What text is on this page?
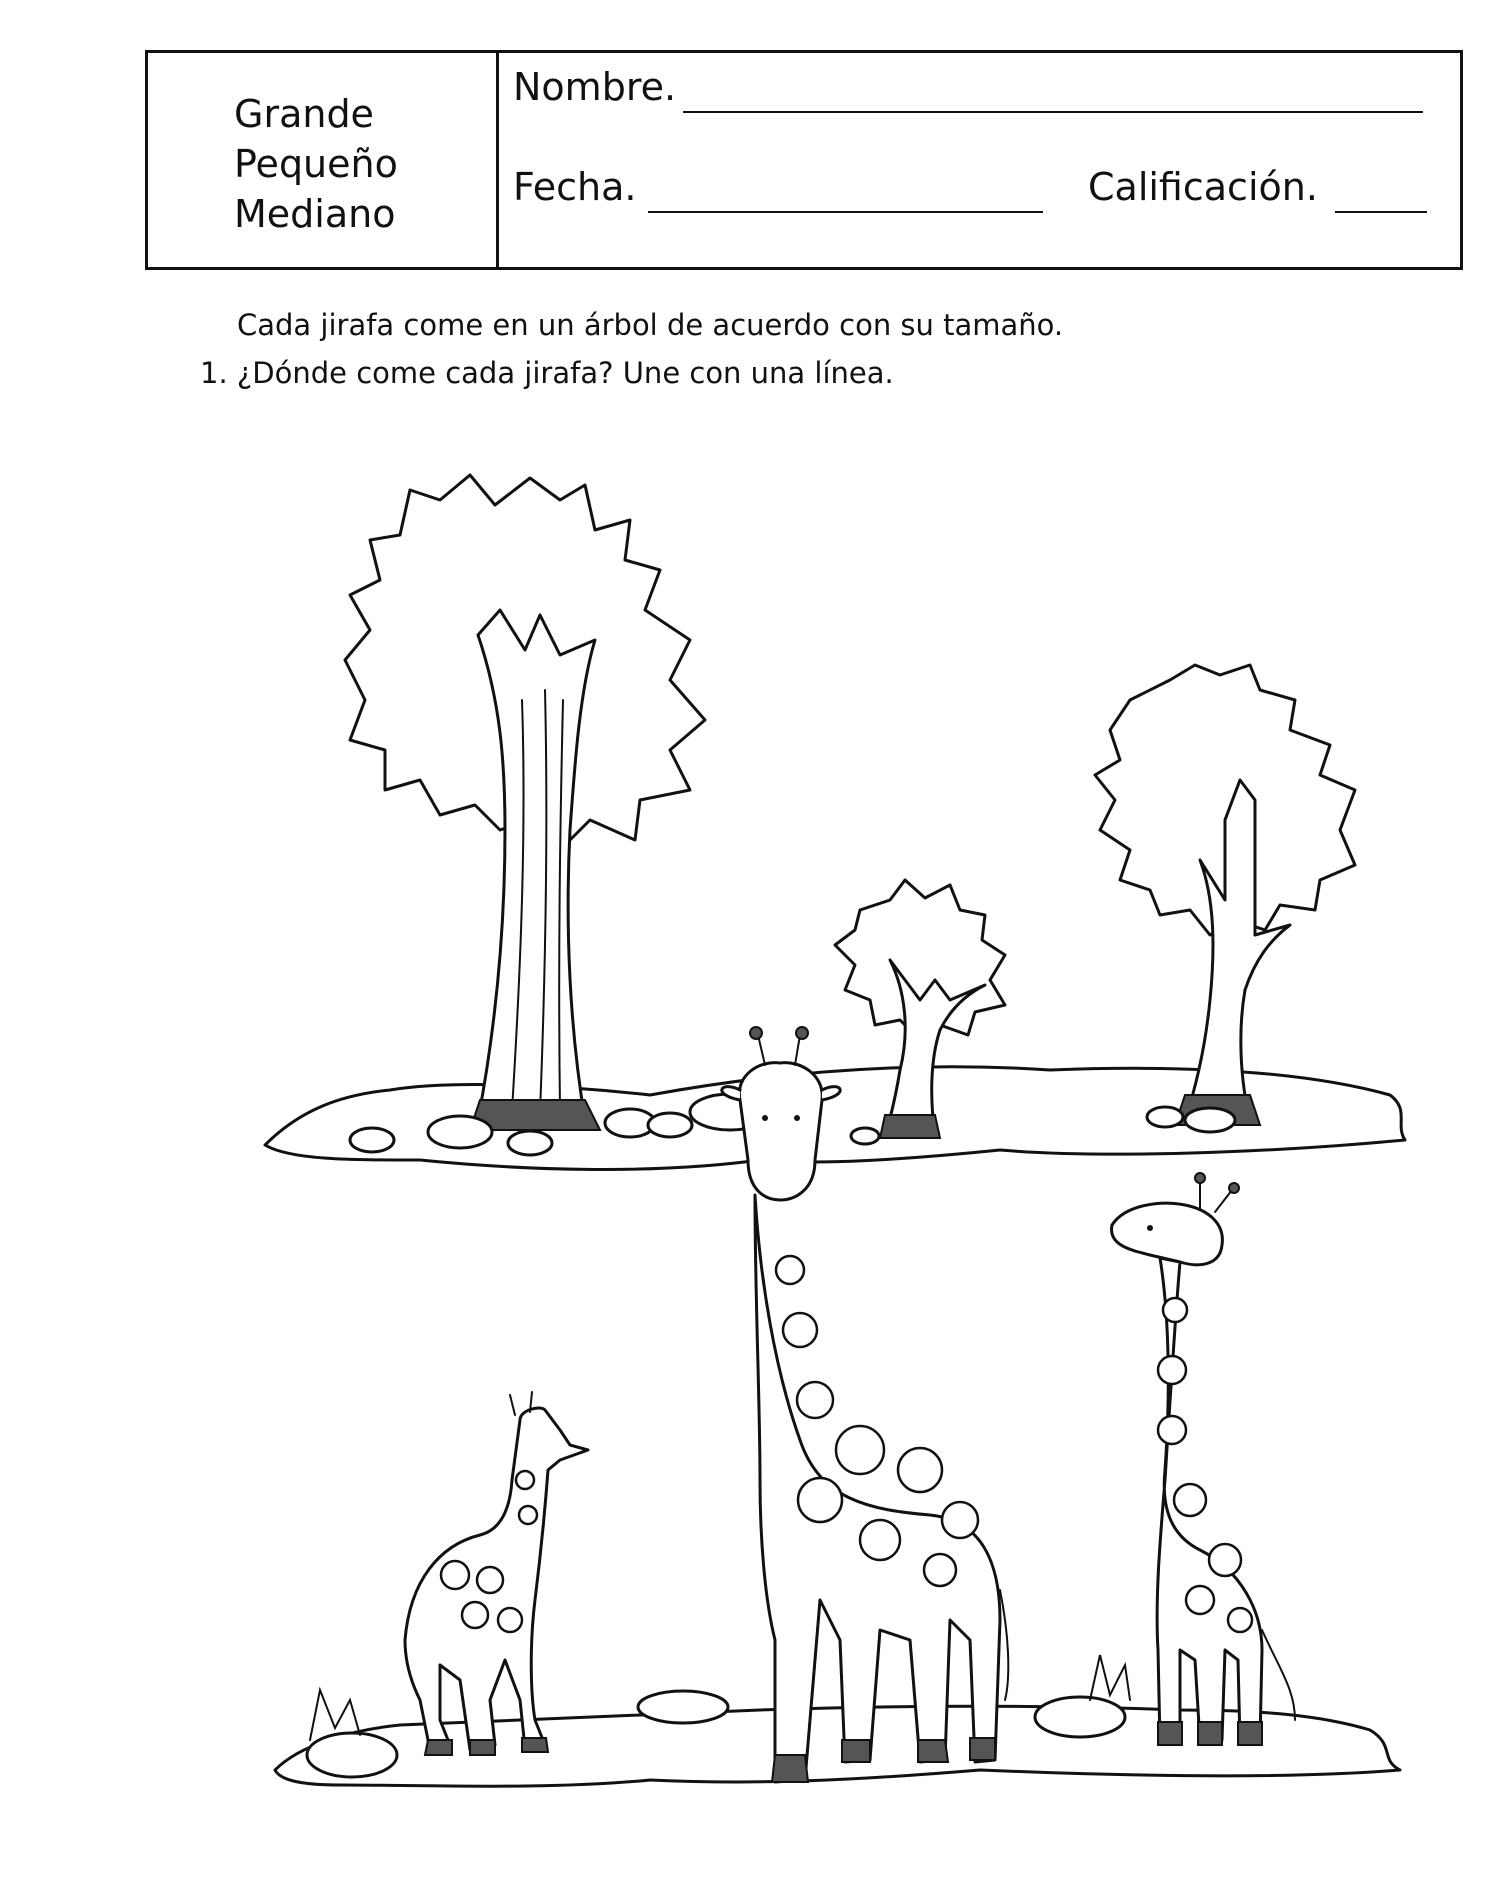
Grande
Pequeño
Mediano
Nombre.
Fecha.	Calificación.
Cada jirafa come en un árbol de acuerdo con su tamaño.
1. ¿Dónde come cada jirafa? Une con una línea.
